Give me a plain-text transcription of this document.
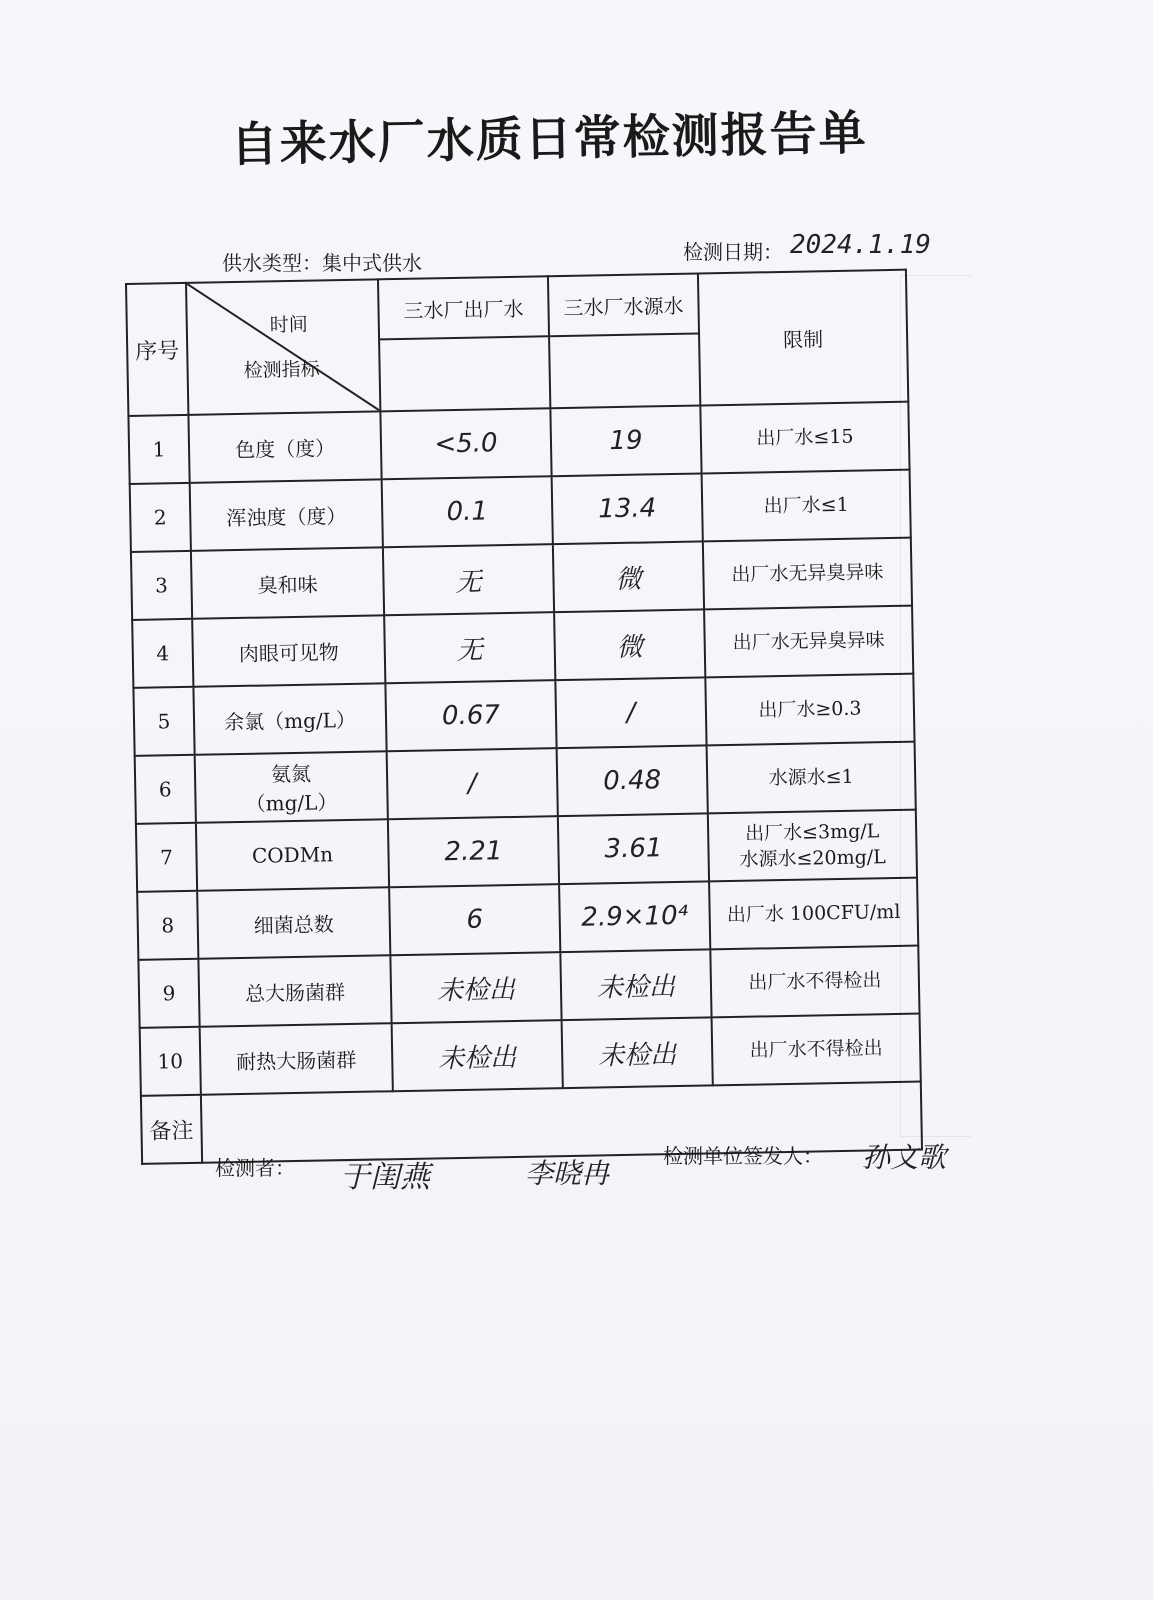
自来水厂水质日常检测报告单
供水类型：集中式供水	检测日期： 2024.1.19
序号	时间
检测指标	三水厂出厂水	三水厂水源水	限制
1	色度（度）	<5.0	19	出厂水≤15
2	浑浊度（度）	0.1	13.4	出厂水≤1
3	臭和味	无	微	出厂水无异臭异味
4	肉眼可见物	无	微	出厂水无异臭异味
5	余氯（mg/L）	0.67	/	出厂水≥0.3
6	氨氮
（mg/L）	/	0.48	水源水≤1
7	CODMn	2.21	3.61	出厂水≤3mg/L
水源水≤20mg/L
8	细菌总数	6	2.9×10⁴	出厂水 100CFU/ml
9	总大肠菌群	未检出	未检出	出厂水不得检出
10	耐热大肠菌群	未检出	未检出	出厂水不得检出
备注				
检测者： 于闺燕	李晓冉
检测单位签发人： 孙文歌
